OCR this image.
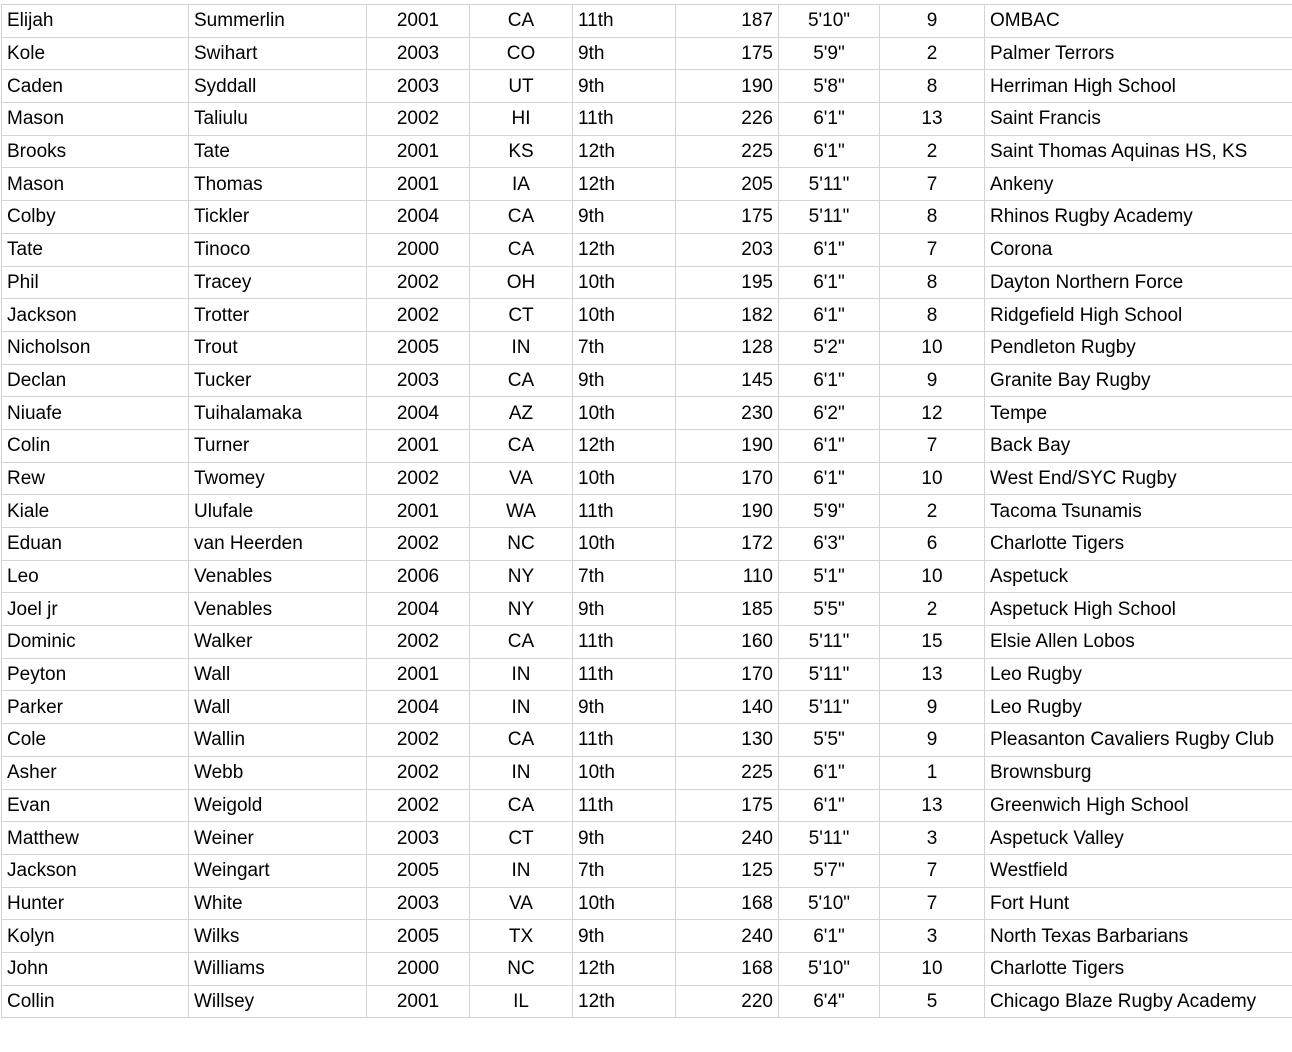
Elijah	Summerlin	2001	CA	11th	187	5'10"	9	OMBAC
Kole	Swihart	2003	CO	9th	175	5'9"	2	Palmer Terrors
Caden	Syddall	2003	UT	9th	190	5'8"	8	Herriman High School
Mason	Taliulu	2002	HI	11th	226	6'1"	13	Saint Francis
Brooks	Tate	2001	KS	12th	225	6'1"	2	Saint Thomas Aquinas HS, KS
Mason	Thomas	2001	IA	12th	205	5'11"	7	Ankeny
Colby	Tickler	2004	CA	9th	175	5'11"	8	Rhinos Rugby Academy
Tate	Tinoco	2000	CA	12th	203	6'1"	7	Corona
Phil	Tracey	2002	OH	10th	195	6'1"	8	Dayton Northern Force
Jackson	Trotter	2002	CT	10th	182	6'1"	8	Ridgefield High School
Nicholson	Trout	2005	IN	7th	128	5'2"	10	Pendleton Rugby
Declan	Tucker	2003	CA	9th	145	6'1"	9	Granite Bay Rugby
Niuafe	Tuihalamaka	2004	AZ	10th	230	6'2"	12	Tempe
Colin	Turner	2001	CA	12th	190	6'1"	7	Back Bay
Rew	Twomey	2002	VA	10th	170	6'1"	10	West End/SYC Rugby
Kiale	Ulufale	2001	WA	11th	190	5'9"	2	Tacoma Tsunamis
Eduan	van Heerden	2002	NC	10th	172	6'3"	6	Charlotte Tigers
Leo	Venables	2006	NY	7th	110	5'1"	10	Aspetuck
Joel jr	Venables	2004	NY	9th	185	5'5"	2	Aspetuck High School
Dominic	Walker	2002	CA	11th	160	5'11"	15	Elsie Allen Lobos
Peyton	Wall	2001	IN	11th	170	5'11"	13	Leo Rugby
Parker	Wall	2004	IN	9th	140	5'11"	9	Leo Rugby
Cole	Wallin	2002	CA	11th	130	5'5"	9	Pleasanton Cavaliers Rugby Club
Asher	Webb	2002	IN	10th	225	6'1"	1	Brownsburg
Evan	Weigold	2002	CA	11th	175	6'1"	13	Greenwich High School
Matthew	Weiner	2003	CT	9th	240	5'11"	3	Aspetuck Valley
Jackson	Weingart	2005	IN	7th	125	5'7"	7	Westfield
Hunter	White	2003	VA	10th	168	5'10"	7	Fort Hunt
Kolyn	Wilks	2005	TX	9th	240	6'1"	3	North Texas Barbarians
John	Williams	2000	NC	12th	168	5'10"	10	Charlotte Tigers
Collin	Willsey	2001	IL	12th	220	6'4"	5	Chicago Blaze Rugby Academy
